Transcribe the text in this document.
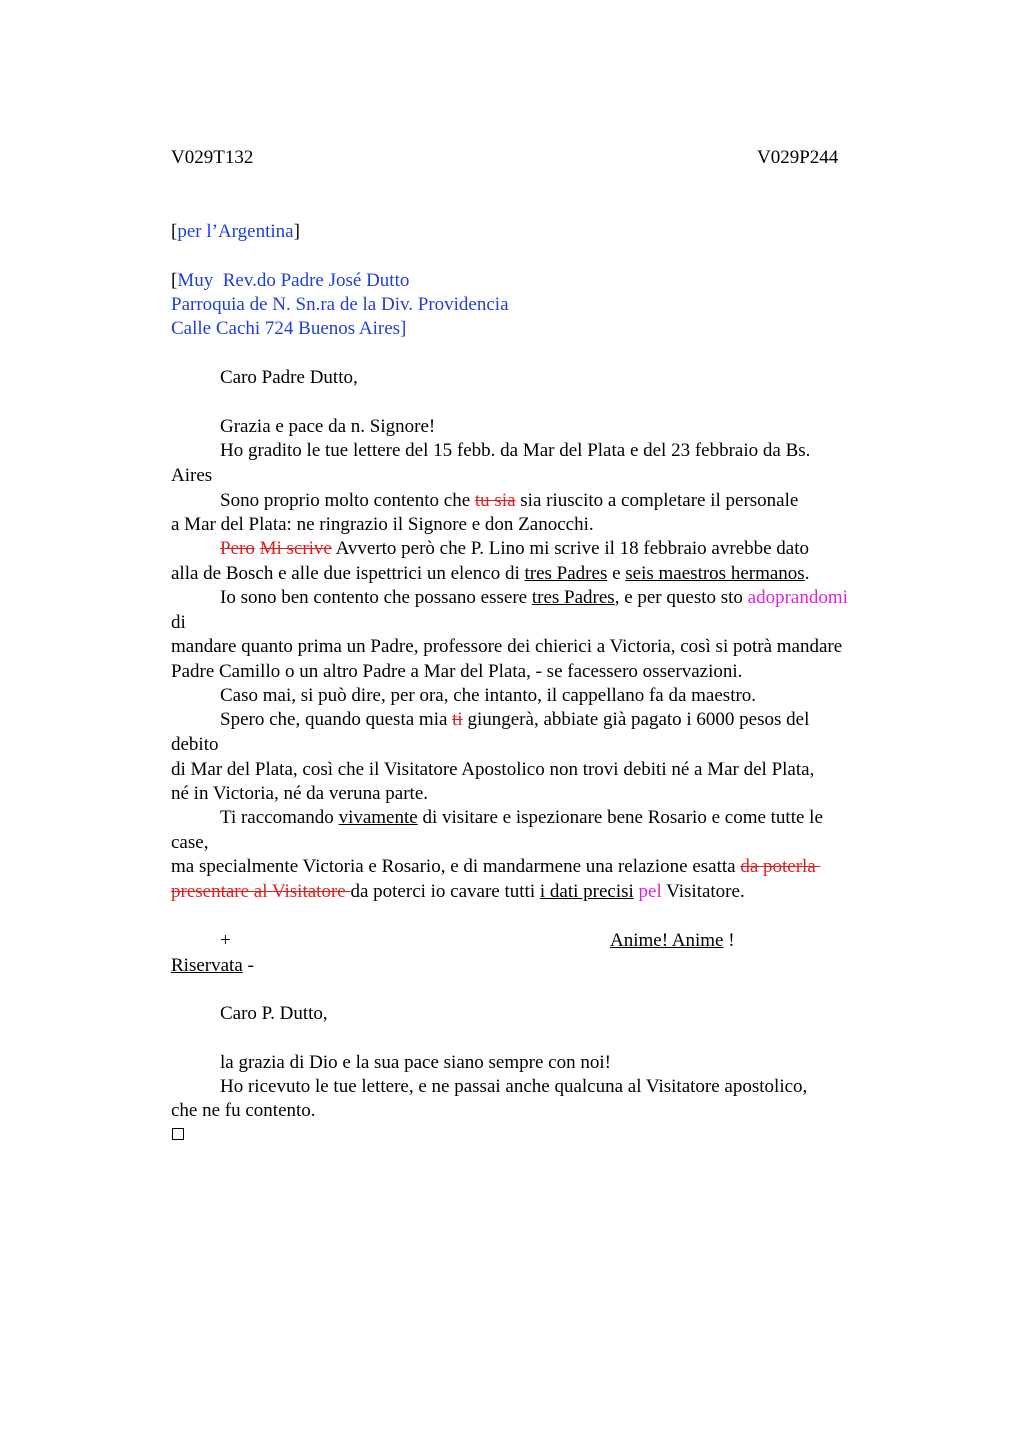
V029T132	V029P244
[per l’Argentina]
[Muy  Rev.do Padre José Dutto
Parroquia de N. Sn.ra de la Div. Providencia
Calle Cachi 724 Buenos Aires]
Caro Padre Dutto,
Grazia e pace da n. Signore!
Ho gradito le tue lettere del 15 febb. da Mar del Plata e del 23 febbraio da Bs.
Aires
Sono proprio molto contento che tu sia sia riuscito a completare il personale
a Mar del Plata: ne ringrazio il Signore e don Zanocchi.
Pero Mi scrive Avverto però che P. Lino mi scrive il 18 febbraio avrebbe dato
alla de Bosch e alle due ispettrici un elenco di tres Padres e seis maestros hermanos.
Io sono ben contento che possano essere tres Padres, e per questo sto adoprandomi
di
mandare quanto prima un Padre, professore dei chierici a Victoria, così si potrà mandare
Padre Camillo o un altro Padre a Mar del Plata, - se facessero osservazioni.
Caso mai, si può dire, per ora, che intanto, il cappellano fa da maestro.
Spero che, quando questa mia ti giungerà, abbiate già pagato i 6000 pesos del
debito
di Mar del Plata, così che il Visitatore Apostolico non trovi debiti né a Mar del Plata,
né in Victoria, né da veruna parte.
Ti raccomando vivamente di visitare e ispezionare bene Rosario e come tutte le
case,
ma specialmente Victoria e Rosario, e di mandarmene una relazione esatta da poterla
presentare al Visitatore da poterci io cavare tutti i dati precisi pel Visitatore.
+	Anime! Anime !
Riservata -
Caro P. Dutto,
la grazia di Dio e la sua pace siano sempre con noi!
Ho ricevuto le tue lettere, e ne passai anche qualcuna al Visitatore apostolico,
che ne fu contento.
